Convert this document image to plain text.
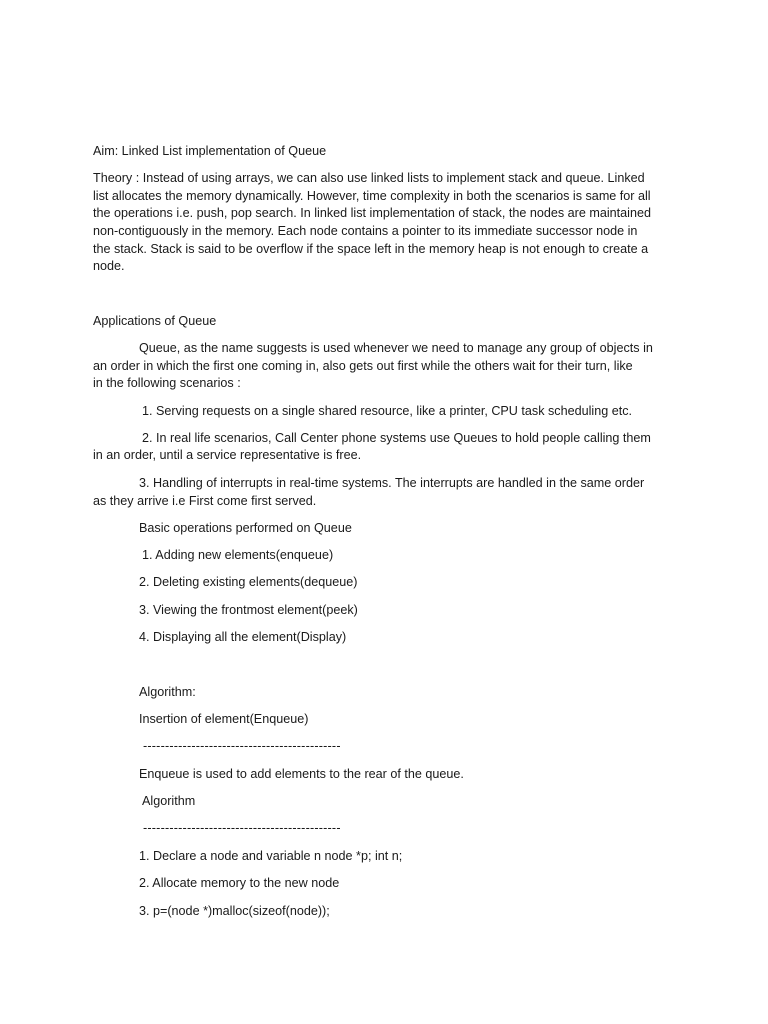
Aim: Linked List implementation of Queue
Theory : Instead of using arrays, we can also use linked lists to implement stack and queue. Linked
list allocates the memory dynamically. However, time complexity in both the scenarios is same for all
the operations i.e. push, pop search. In linked list implementation of stack, the nodes are maintained
non-contiguously in the memory. Each node contains a pointer to its immediate successor node in
the stack. Stack is said to be overflow if the space left in the memory heap is not enough to create a
node.
Applications of Queue
Queue, as the name suggests is used whenever we need to manage any group of objects in
an order in which the first one coming in, also gets out first while the others wait for their turn, like
in the following scenarios :
1. Serving requests on a single shared resource, like a printer, CPU task scheduling etc.
2. In real life scenarios, Call Center phone systems use Queues to hold people calling them
in an order, until a service representative is free.
3. Handling of interrupts in real-time systems. The interrupts are handled in the same order
as they arrive i.e First come first served.
Basic operations performed on Queue
1. Adding new elements(enqueue)
2. Deleting existing elements(dequeue)
3. Viewing the frontmost element(peek)
4. Displaying all the element(Display)
Algorithm:
Insertion of element(Enqueue)
---------------------------------------------
Enqueue is used to add elements to the rear of the queue.
Algorithm
---------------------------------------------
1. Declare a node and variable n node *p; int n;
2. Allocate memory to the new node
3. p=(node *)malloc(sizeof(node));
